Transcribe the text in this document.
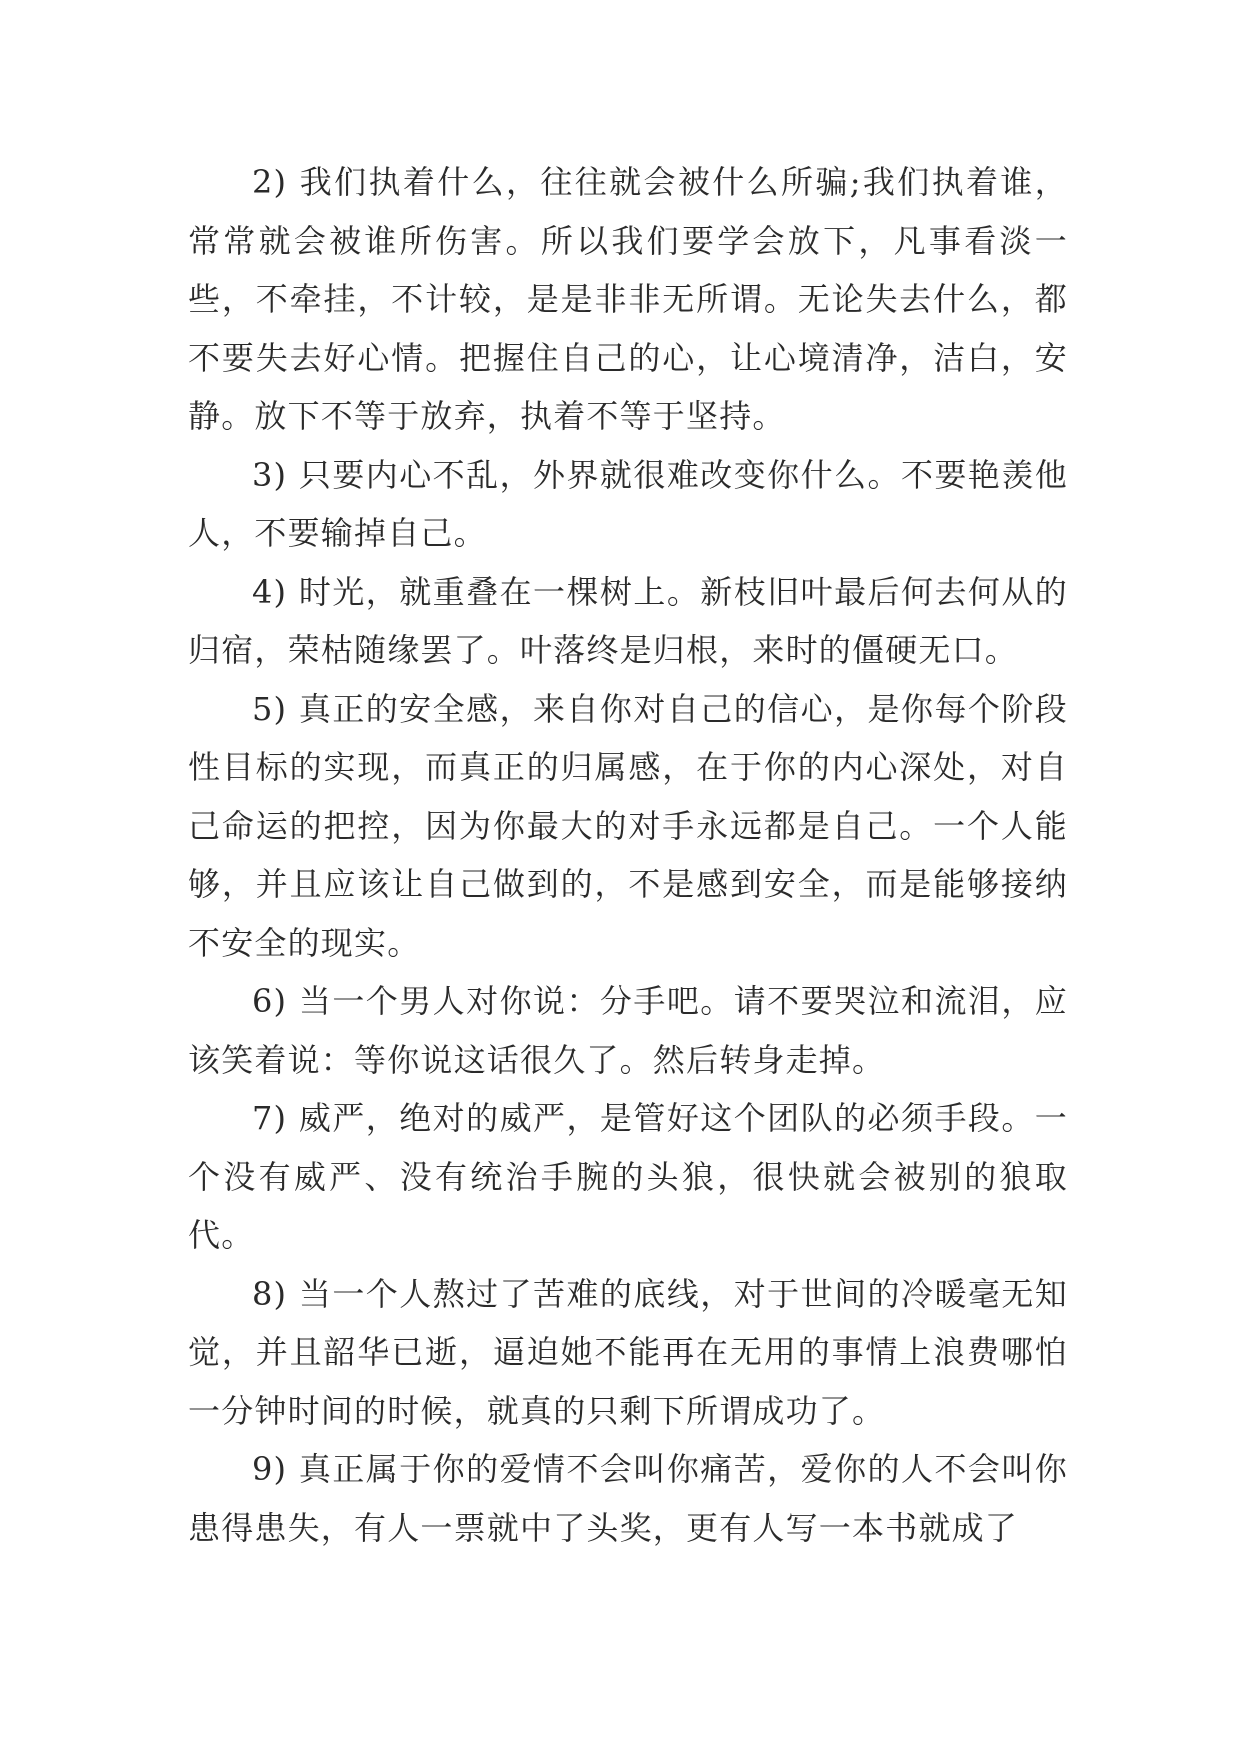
2) 我们执着什么，往往就会被什么所骗;我们执着谁，常常就会被谁所伤害。所以我们要学会放下，凡事看淡一些，不牵挂，不计较，是是非非无所谓。无论失去什么，都不要失去好心情。把握住自己的心，让心境清净，洁白，安静。放下不等于放弃，执着不等于坚持。

3) 只要内心不乱，外界就很难改变你什么。不要艳羡他人，不要输掉自己。

4) 时光，就重叠在一棵树上。新枝旧叶最后何去何从的归宿，荣枯随缘罢了。叶落终是归根，来时的僵硬无口。

5) 真正的安全感，来自你对自己的信心，是你每个阶段性目标的实现，而真正的归属感，在于你的内心深处，对自己命运的把控，因为你最大的对手永远都是自己。一个人能够，并且应该让自己做到的，不是感到安全，而是能够接纳不安全的现实。

6) 当一个男人对你说：分手吧。请不要哭泣和流泪，应该笑着说：等你说这话很久了。然后转身走掉。

7) 威严，绝对的威严，是管好这个团队的必须手段。一个没有威严、没有统治手腕的头狼，很快就会被别的狼取代。

8) 当一个人熬过了苦难的底线，对于世间的冷暖毫无知觉，并且韶华已逝，逼迫她不能再在无用的事情上浪费哪怕一分钟时间的时候，就真的只剩下所谓成功了。

9) 真正属于你的爱情不会叫你痛苦，爱你的人不会叫你患得患失，有人一票就中了头奖，更有人写一本书就成了
